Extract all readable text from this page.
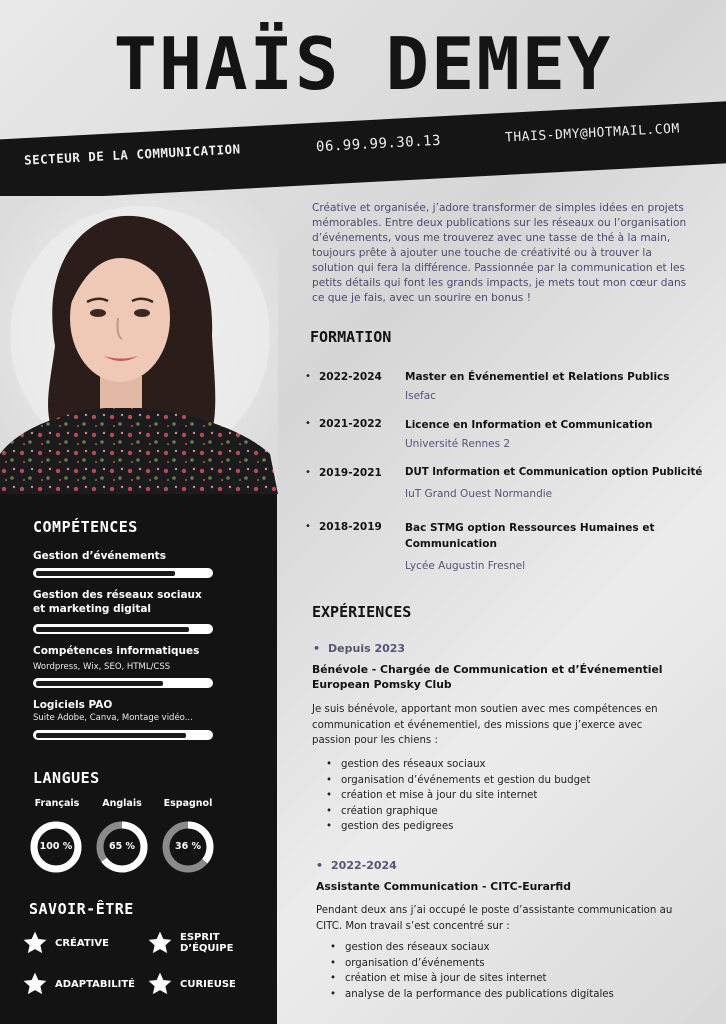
THAÏS DEMEY
SECTEUR DE LA COMMUNICATION	06.99.99.30.13	THAIS-DMY@HOTMAIL.COM
COMPÉTENCES
Gestion d’événements
Gestion des réseaux sociaux
et marketing digital
Compétences informatiques
Wordpress, Wix, SEO, HTML/CSS
Logiciels PAO
Suite Adobe, Canva, Montage vidéo...
LANGUES
Français	Anglais	Espagnol
100 %	65 %	36 %
SAVOIR-ÊTRE
CRÉATIVE	ESPRIT
D’ÉQUIPE
ADAPTABILITÉ	CURIEUSE
Créative et organisée, j’adore transformer de simples idées en projets mémorables. Entre deux publications sur les réseaux ou l’organisation d’événements, vous me trouverez avec une tasse de thé à la main, toujours prête à ajouter une touche de créativité ou à trouver la solution qui fera la différence. Passionnée par la communication et les petits détails qui font les grands impacts, je mets tout mon cœur dans ce que je fais, avec un sourire en bonus !
FORMATION
• 2022-2024 Master en Événementiel et Relations Publics
Isefac
• 2021-2022 Licence en Information et Communication
Université Rennes 2
• 2019-2021 DUT Information et Communication option Publicité
IuT Grand Ouest Normandie
• 2018-2019 Bac STMG option Ressources Humaines et Communication
Lycée Augustin Fresnel
EXPÉRIENCES
• Depuis 2023
Bénévole - Chargée de Communication et d’Événementiel European Pomsky Club
Je suis bénévole, apportant mon soutien avec mes compétences en communication et événementiel, des missions que j’exerce avec passion pour les chiens :
• gestion des réseaux sociaux
• organisation d’événements et gestion du budget
• création et mise à jour du site internet
• création graphique
• gestion des pedigrees
• 2022-2024
Assistante Communication - CITC-Eurarfid
Pendant deux ans j’ai occupé le poste d’assistante communication au CITC. Mon travail s’est concentré sur :
• gestion des réseaux sociaux
• organisation d’événements
• création et mise à jour de sites internet
• analyse de la performance des publications digitales
